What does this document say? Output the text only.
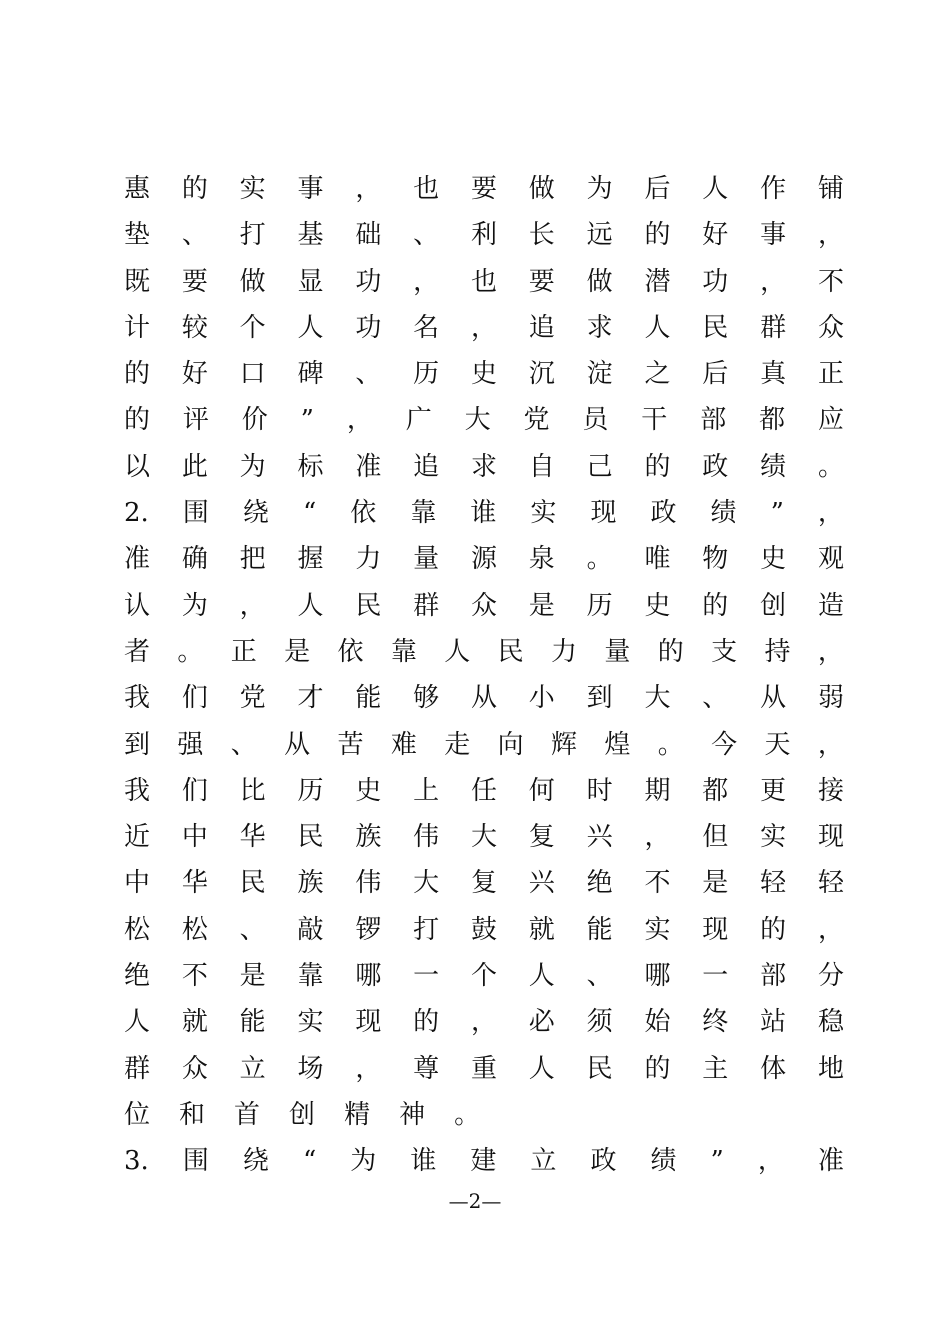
惠 的 实 事 ， 也 要 做 为 后 人 作 铺
垫 、 打 基 础 、 利 长 远 的 好 事 ，
既 要 做 显 功 ， 也 要 做 潜 功 ， 不
计 较 个 人 功 名 ， 追 求 人 民 群 众
的 好 口 碑 、 历 史 沉 淀 之 后 真 正
的 评 价 ” ， 广 大 党 员 干 部 都 应
以 此 为 标 准 追 求 自 己 的 政 绩 。
2. 围 绕 “ 依 靠 谁 实 现 政 绩 ” ，
准 确 把 握 力 量 源 泉 。 唯 物 史 观
认 为 ， 人 民 群 众 是 历 史 的 创 造
者 。 正 是 依 靠 人 民 力 量 的 支 持 ，
我 们 党 才 能 够 从 小 到 大 、 从 弱
到 强 、 从 苦 难 走 向 辉 煌 。 今 天 ，
我 们 比 历 史 上 任 何 时 期 都 更 接
近 中 华 民 族 伟 大 复 兴 ， 但 实 现
中 华 民 族 伟 大 复 兴 绝 不 是 轻 轻
松 松 、 敲 锣 打 鼓 就 能 实 现 的 ，
绝 不 是 靠 哪 一 个 人 、 哪 一 部 分
人 就 能 实 现 的 ， 必 须 始 终 站 稳
群 众 立 场 ， 尊 重 人 民 的 主 体 地
位 和 首 创 精 神 。
3. 围 绕 “ 为 谁 建 立 政 绩 ” ， 准
—2—
